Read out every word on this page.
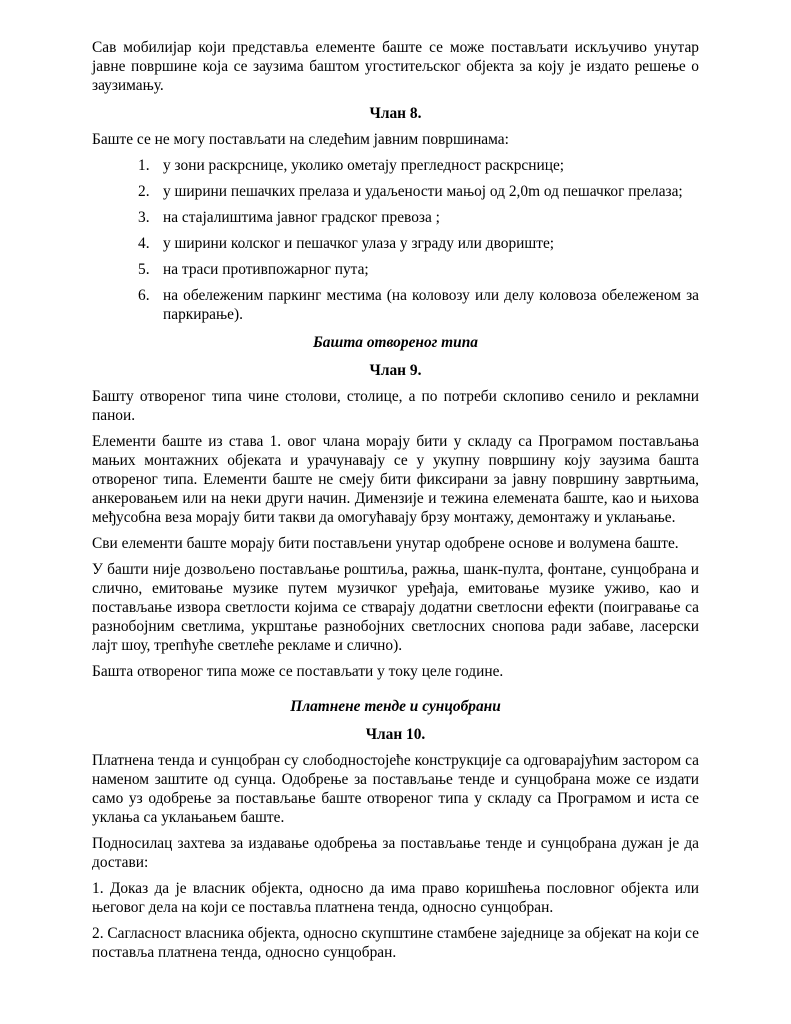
Сав мобилијар који представља елементе баште се може постављати искључиво унутар јавне површине која се заузима баштом угоститељског објекта за коју је издато решење о заузимању.

Члан 8.

Баште се не могу постављати на следећим јавним површинама:

1. у зони раскрснице, уколико ометају прегледност раскрснице;
2. у ширини пешачких прелаза и удаљености мањој од 2,0m од пешачког прелаза;
3. на стајалиштима јавног градског превоза ;
4. у ширини колског и пешачког улаза у зграду или двориште;
5. на траси противпожарног пута;
6. на обележеним паркинг местима (на коловозу или делу коловоза обележеном за паркирање).
Башта отвореног типа
Члан 9.

Башту отвореног типа чине столови, столице, а по потреби склопиво сенило и рекламни панои.

Елементи баште из става 1. овог члана морају бити у складу са Програмом постављања мањих монтажних објеката и урачунавају се у укупну површину коју заузима башта отвореног типа. Елементи баште не смеју бити фиксирани за јавну површину завртњима, анкеровањем или на неки други начин. Димензије и тежина елемената баште, као и њихова међусобна веза морају бити такви да омогућавају брзу монтажу, демонтажу и уклањање.

Сви елементи баште морају бити постављени унутар одобрене основе и волумена баште.

У башти није дозвољено постављање роштиља, ражња, шанк-пулта, фонтане, сунцобрана и слично, емитовање музике путем музичког уређаја, емитовање музике уживо, као и постављање извора светлости којима се стварају додатни светлосни ефекти (поигравање са разнобојним светлима, укрштање разнобојних светлосних снопова ради забаве, ласерски лајт шоу, трепћуће светлеће рекламе и слично).

Башта отвореног типа може се постављати у току целе године.

Платнене тенде и сунцобрани
Члан 10.

Платнена тенда и сунцобран су слободностојеће конструкције са одговарајућим застором са наменом заштите од сунца. Одобрење за постављање тенде и сунцобрана може се издати само уз одобрење за постављање баште отвореног типа у складу са Програмом и иста се уклања са уклањањем баште.

Подносилац захтева за издавање одобрења за постављање тенде и сунцобрана дужан је да достави:

1. Доказ да је власник објекта, односно да има право коришћења пословног објекта или његовог дела на који се поставља платнена тенда, односно сунцобран.

2. Сагласност власника објекта, односно скупштине стамбене заједнице за објекат на који се поставља платнена тенда, односно сунцобран.
